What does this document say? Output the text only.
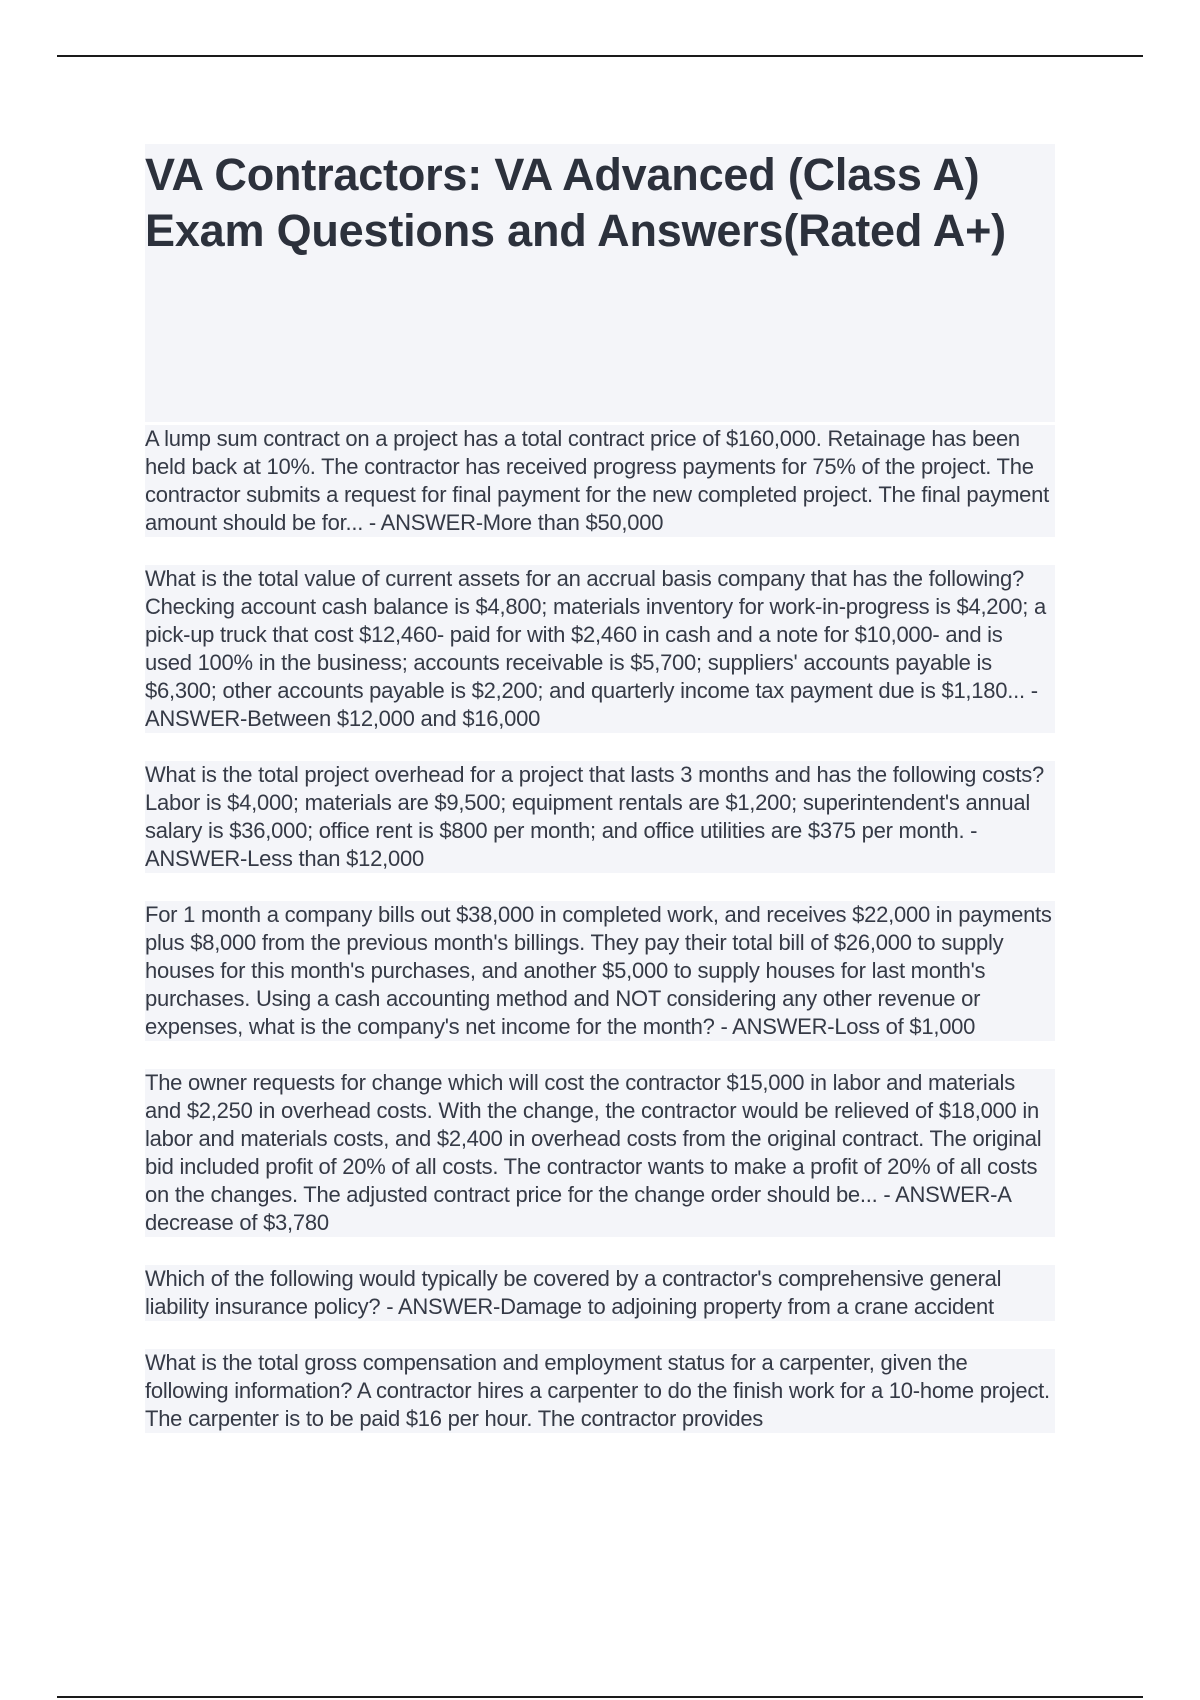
VA Contractors: VA Advanced (Class A) Exam Questions and Answers(Rated A+)

A lump sum contract on a project has a total contract price of $160,000. Retainage has been held back at 10%. The contractor has received progress payments for 75% of the project. The contractor submits a request for final payment for the new completed project. The final payment amount should be for... - ANSWER-More than $50,000

What is the total value of current assets for an accrual basis company that has the following? Checking account cash balance is $4,800; materials inventory for work-in-progress is $4,200; a pick-up truck that cost $12,460- paid for with $2,460 in cash and a note for $10,000- and is used 100% in the business; accounts receivable is $5,700; suppliers' accounts payable is $6,300; other accounts payable is $2,200; and quarterly income tax payment due is $1,180... - ANSWER-Between $12,000 and $16,000

What is the total project overhead for a project that lasts 3 months and has the following costs? Labor is $4,000; materials are $9,500; equipment rentals are $1,200; superintendent's annual salary is $36,000; office rent is $800 per month; and office utilities are $375 per month. - ANSWER-Less than $12,000

For 1 month a company bills out $38,000 in completed work, and receives $22,000 in payments plus $8,000 from the previous month's billings. They pay their total bill of $26,000 to supply houses for this month's purchases, and another $5,000 to supply houses for last month's purchases. Using a cash accounting method and NOT considering any other revenue or expenses, what is the company's net income for the month? - ANSWER-Loss of $1,000

The owner requests for change which will cost the contractor $15,000 in labor and materials and $2,250 in overhead costs. With the change, the contractor would be relieved of $18,000 in labor and materials costs, and $2,400 in overhead costs from the original contract. The original bid included profit of 20% of all costs. The contractor wants to make a profit of 20% of all costs on the changes. The adjusted contract price for the change order should be... - ANSWER-A decrease of $3,780

Which of the following would typically be covered by a contractor's comprehensive general liability insurance policy? - ANSWER-Damage to adjoining property from a crane accident

What is the total gross compensation and employment status for a carpenter, given the following information? A contractor hires a carpenter to do the finish work for a 10-home project. The carpenter is to be paid $16 per hour. The contractor provides
